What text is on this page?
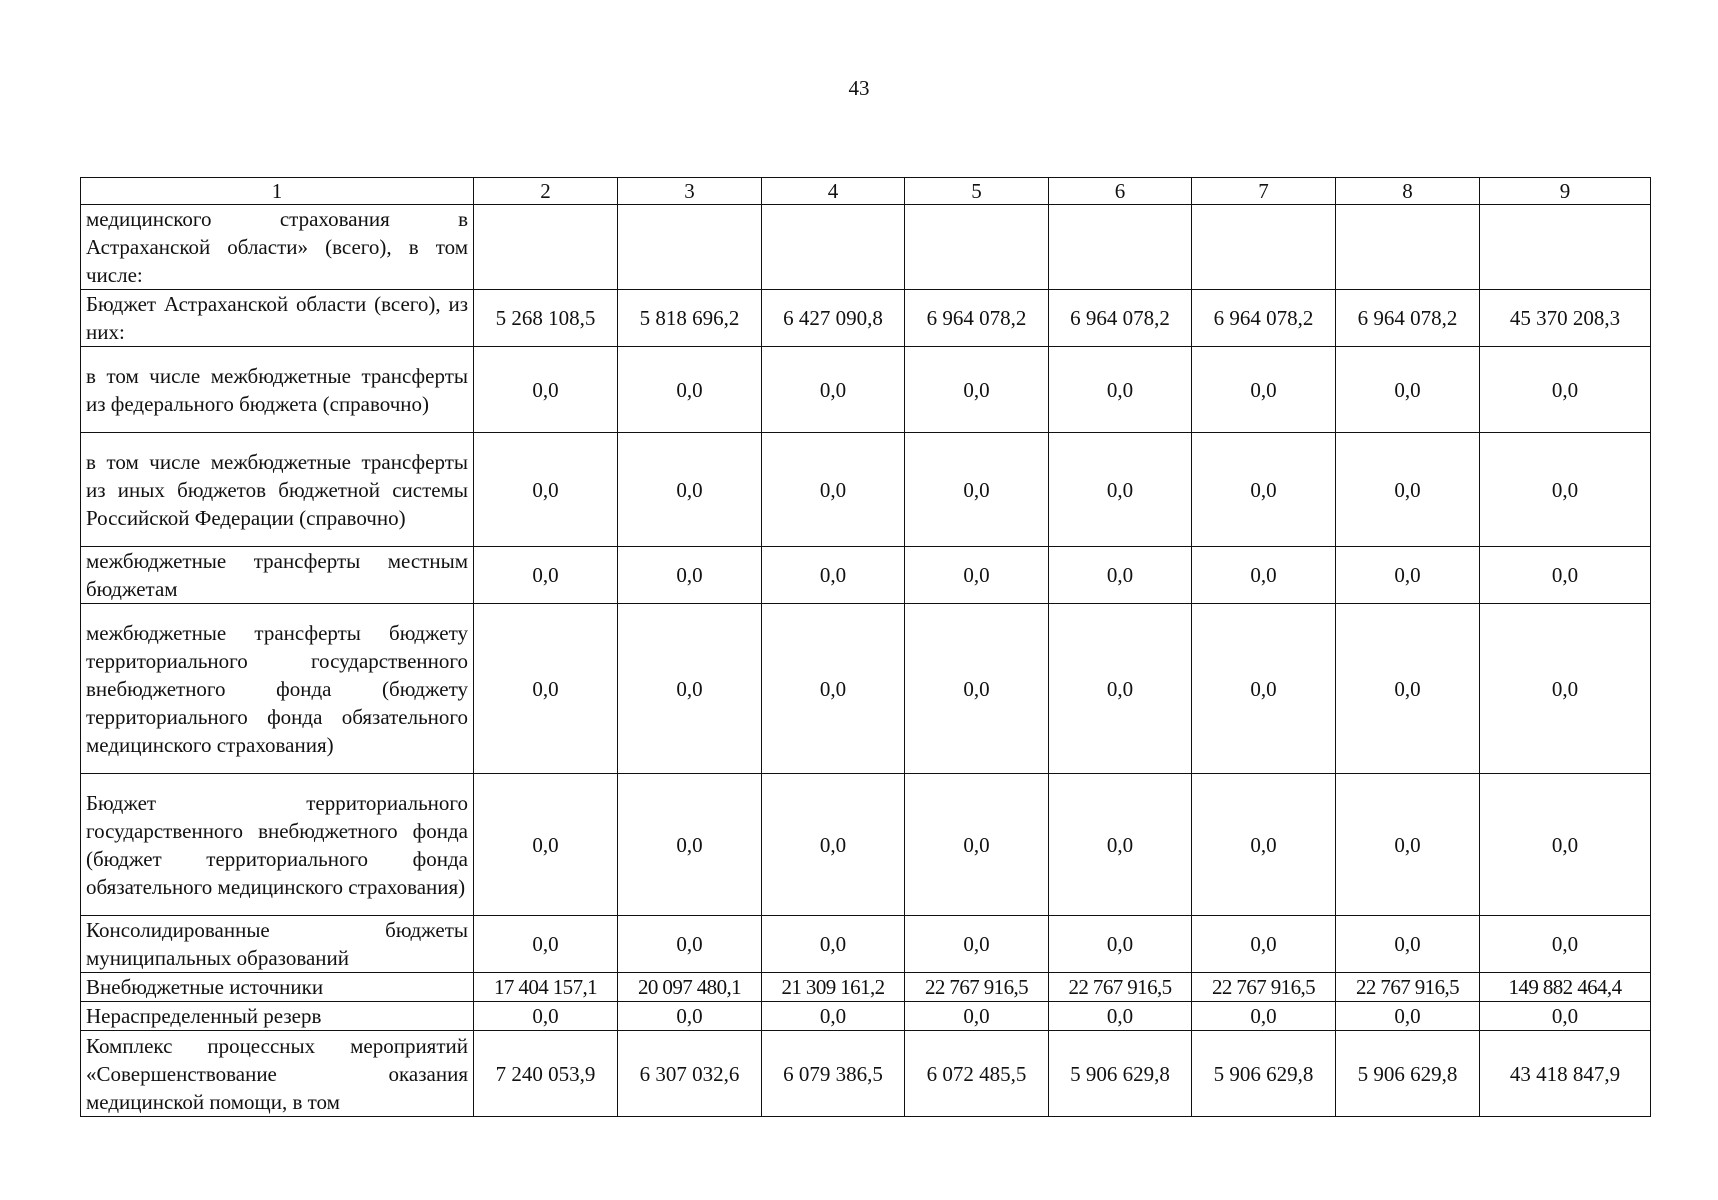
43
1	2	3	4	5	6	7	8	9
медицинского страхования в Астраханской области» (всего), в том числе:								
Бюджет Астраханской области (всего), из них:	5 268 108,5	5 818 696,2	6 427 090,8	6 964 078,2	6 964 078,2	6 964 078,2	6 964 078,2	45 370 208,3
в том числе межбюджетные трансферты из федерального бюджета (справочно)	0,0	0,0	0,0	0,0	0,0	0,0	0,0	0,0
в том числе межбюджетные трансферты из иных бюджетов бюджетной системы Российской Федерации (справочно)	0,0	0,0	0,0	0,0	0,0	0,0	0,0	0,0
межбюджетные трансферты местным бюджетам	0,0	0,0	0,0	0,0	0,0	0,0	0,0	0,0
межбюджетные трансферты бюджету территориального государственного внебюджетного фонда (бюджету территориального фонда обязательного медицинского страхования)	0,0	0,0	0,0	0,0	0,0	0,0	0,0	0,0
Бюджет территориального государственного внебюджетного фонда (бюджет территориального фонда обязательного медицинского страхования)	0,0	0,0	0,0	0,0	0,0	0,0	0,0	0,0
Консолидированные бюджеты муниципальных образований	0,0	0,0	0,0	0,0	0,0	0,0	0,0	0,0
Внебюджетные источники	17 404 157,1	20 097 480,1	21 309 161,2	22 767 916,5	22 767 916,5	22 767 916,5	22 767 916,5	149 882 464,4
Нераспределенный резерв	0,0	0,0	0,0	0,0	0,0	0,0	0,0	0,0
Комплекс процессных мероприятий «Совершенствование оказания медицинской помощи, в том	7 240 053,9	6 307 032,6	6 079 386,5	6 072 485,5	5 906 629,8	5 906 629,8	5 906 629,8	43 418 847,9
